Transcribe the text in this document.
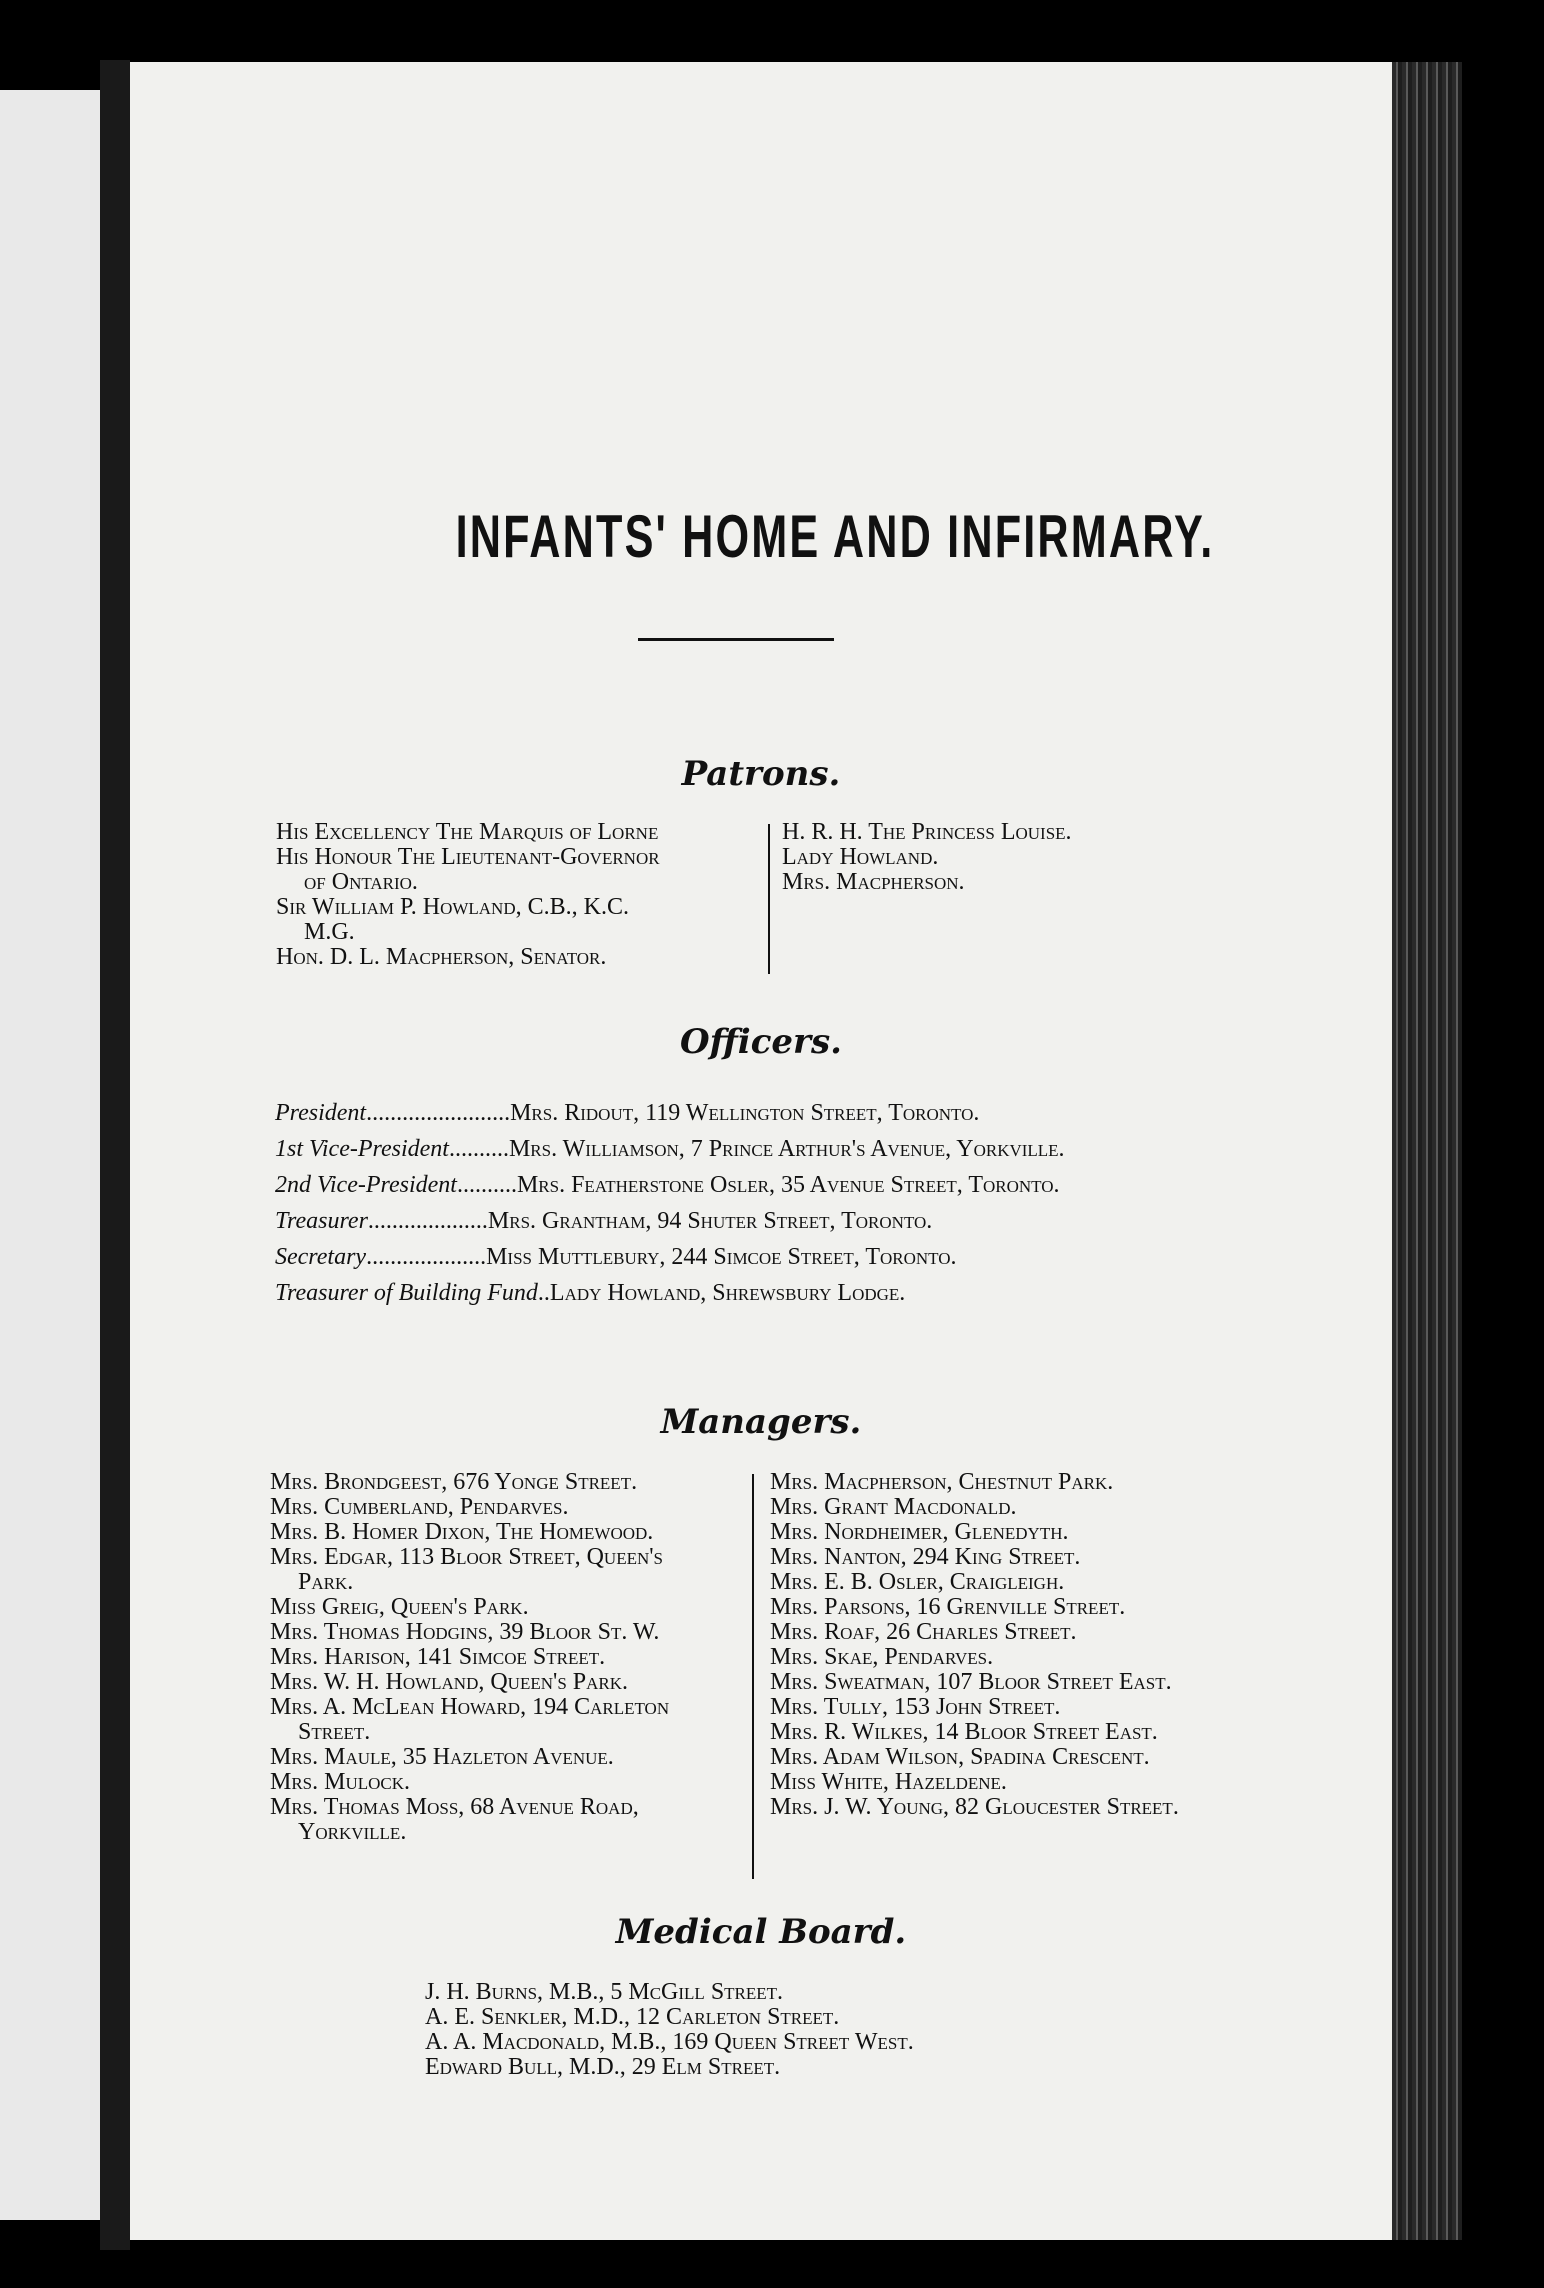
INFANTS' HOME AND INFIRMARY.
Patrons.
His Excellency The Marquis of Lorne
His Honour The Lieutenant-Governor
of Ontario.
Sir William P. Howland, C.B., K.C.
M.G.
Hon. D. L. Macpherson, Senator.
H. R. H. The Princess Louise.
Lady Howland.
Mrs. Macpherson.
Officers.
President........................Mrs. Ridout, 119 Wellington Street, Toronto.
1st Vice-President..........Mrs. Williamson, 7 Prince Arthur's Avenue, Yorkville.
2nd Vice-President..........Mrs. Featherstone Osler, 35 Avenue Street, Toronto.
Treasurer....................Mrs. Grantham, 94 Shuter Street, Toronto.
Secretary....................Miss Muttlebury, 244 Simcoe Street, Toronto.
Treasurer of Building Fund..Lady Howland, Shrewsbury Lodge.
Managers.
Mrs. Brondgeest, 676 Yonge Street.
Mrs. Cumberland, Pendarves.
Mrs. B. Homer Dixon, The Homewood.
Mrs. Edgar, 113 Bloor Street, Queen's
Park.
Miss Greig, Queen's Park.
Mrs. Thomas Hodgins, 39 Bloor St. W.
Mrs. Harison, 141 Simcoe Street.
Mrs. W. H. Howland, Queen's Park.
Mrs. A. McLean Howard, 194 Carleton
Street.
Mrs. Maule, 35 Hazleton Avenue.
Mrs. Mulock.
Mrs. Thomas Moss, 68 Avenue Road,
Yorkville.
Mrs. Macpherson, Chestnut Park.
Mrs. Grant Macdonald.
Mrs. Nordheimer, Glenedyth.
Mrs. Nanton, 294 King Street.
Mrs. E. B. Osler, Craigleigh.
Mrs. Parsons, 16 Grenville Street.
Mrs. Roaf, 26 Charles Street.
Mrs. Skae, Pendarves.
Mrs. Sweatman, 107 Bloor Street East.
Mrs. Tully, 153 John Street.
Mrs. R. Wilkes, 14 Bloor Street East.
Mrs. Adam Wilson, Spadina Crescent.
Miss White, Hazeldene.
Mrs. J. W. Young, 82 Gloucester Street.
Medical Board.
J. H. Burns, M.B., 5 McGill Street.
A. E. Senkler, M.D., 12 Carleton Street.
A. A. Macdonald, M.B., 169 Queen Street West.
Edward Bull, M.D., 29 Elm Street.
